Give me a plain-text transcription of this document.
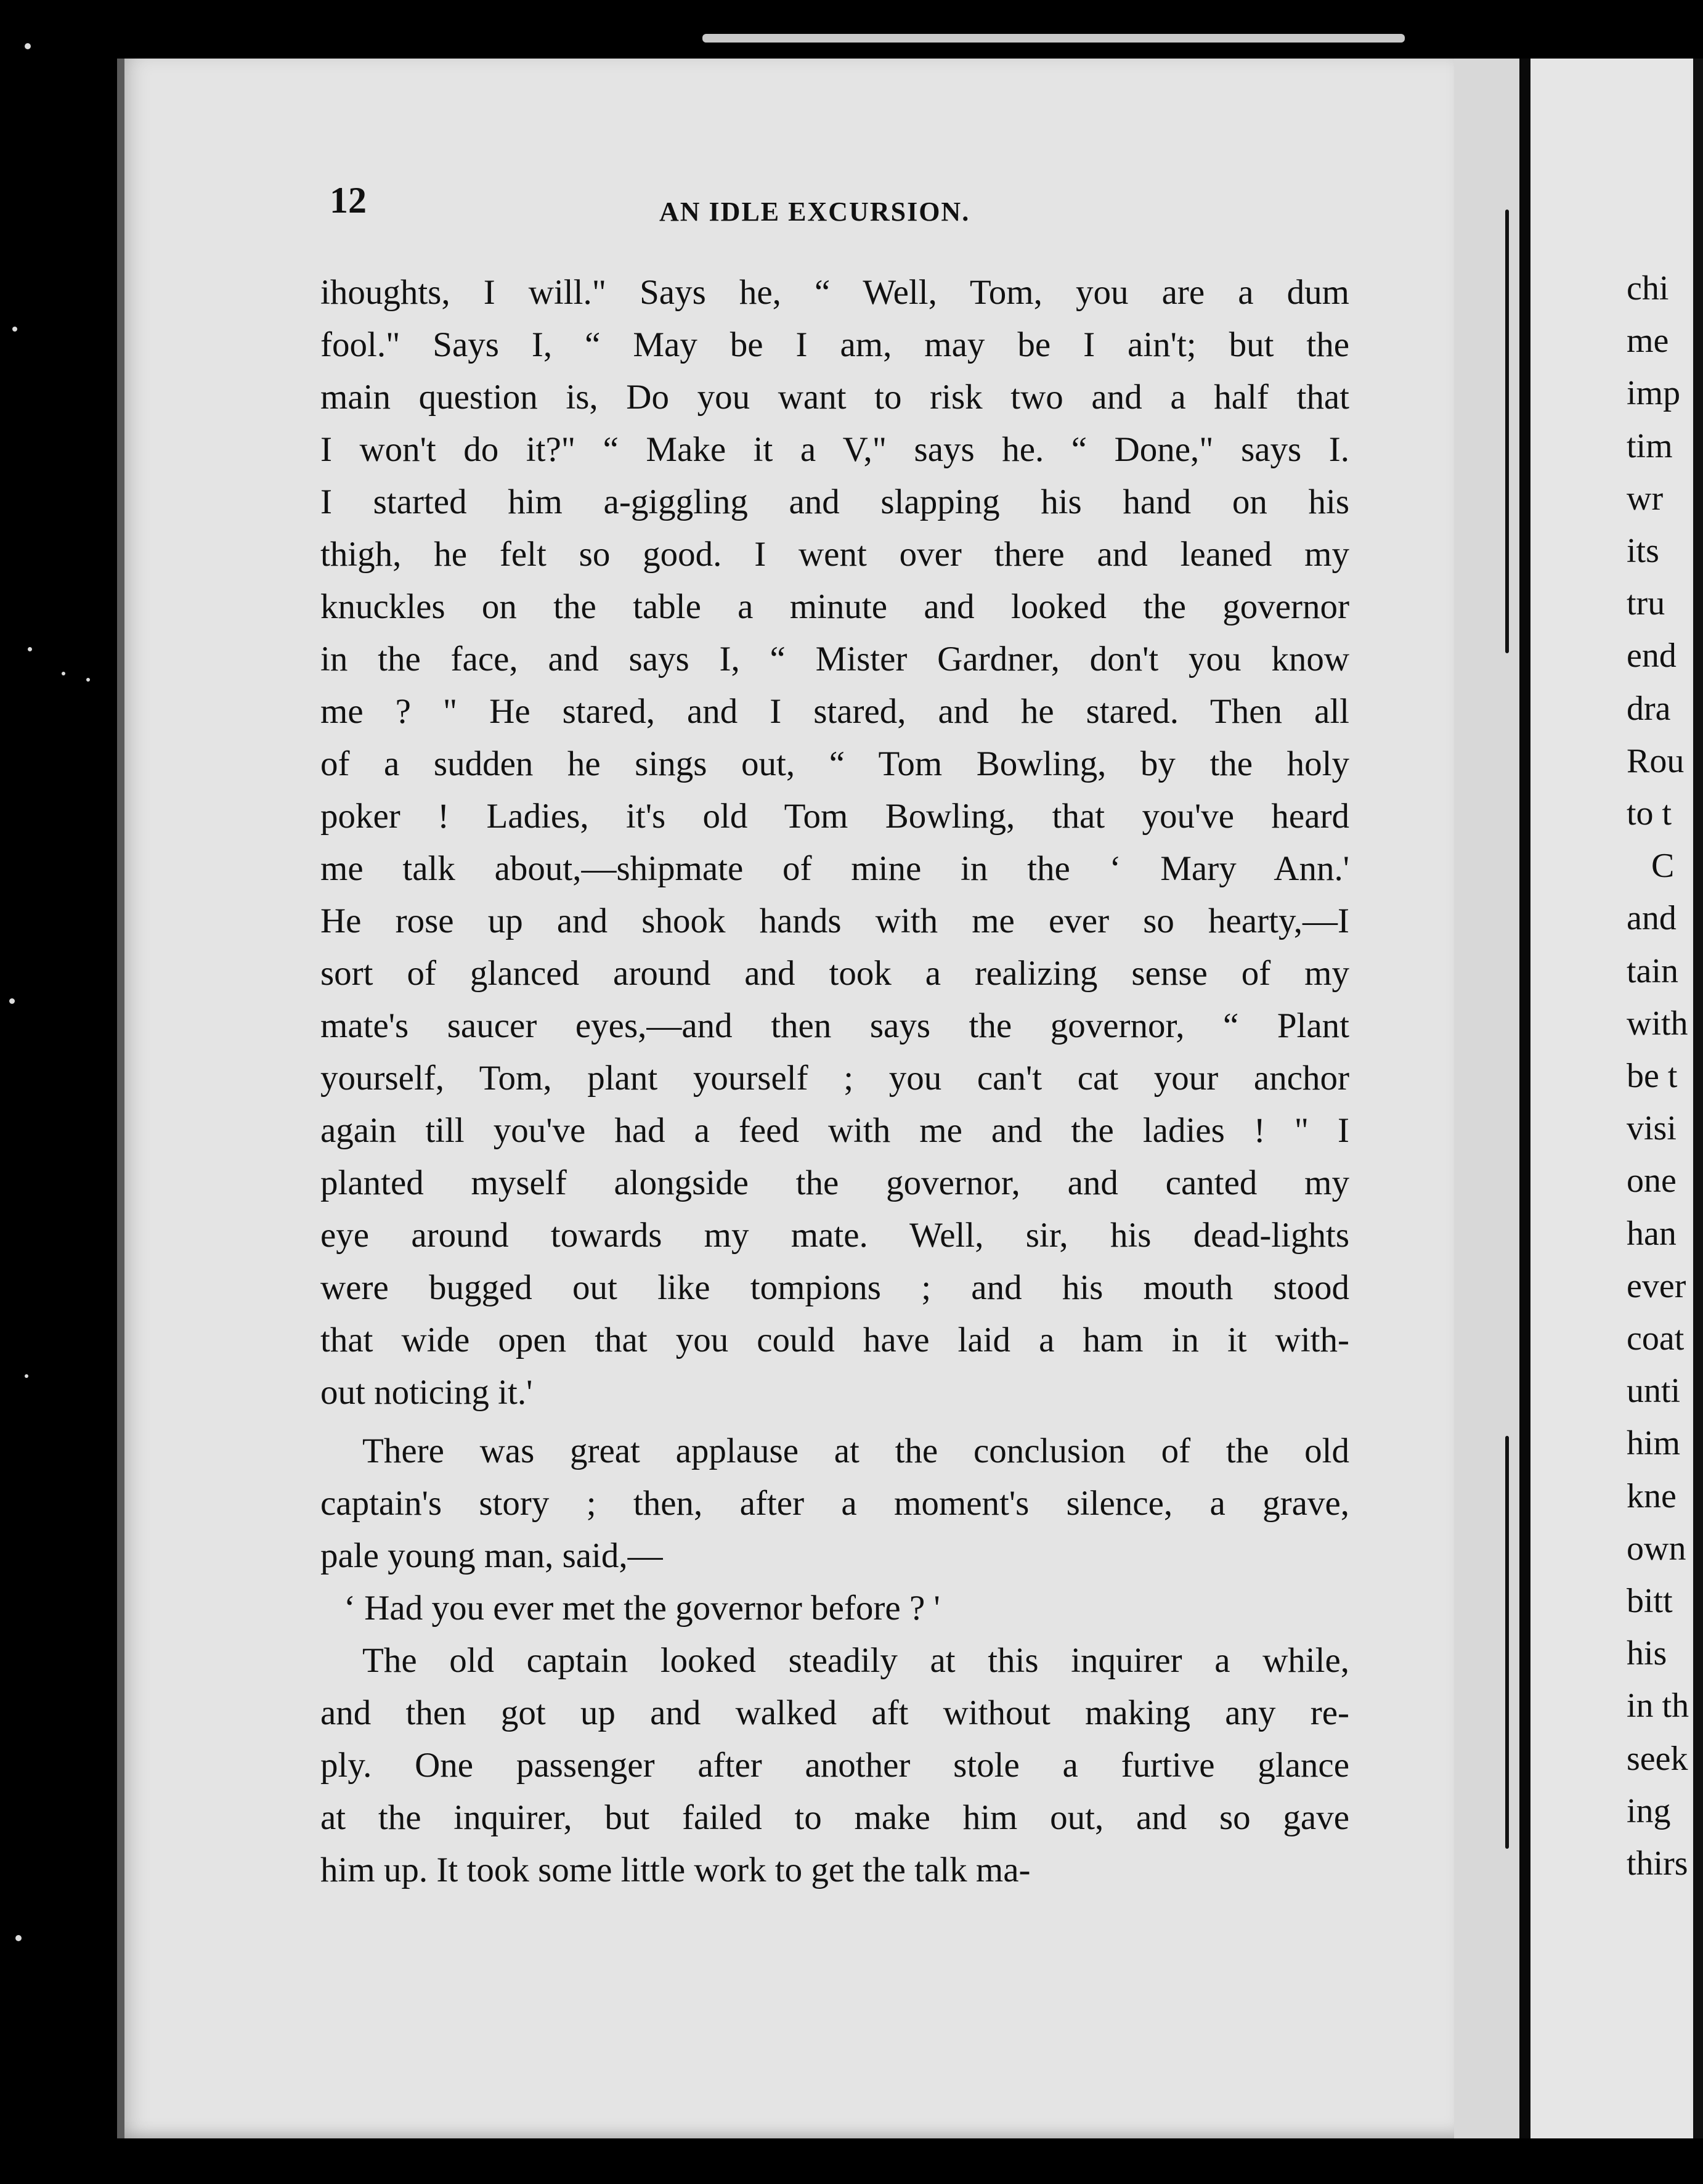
chi
me
imp
tim
wr
its
tru
end
dra
Rou
to t
C
and
tain
with
be t
visi
one
han
ever
coat
unti
him
kne
own
bitt
his
in th
seek
ing
thirs
12	AN IDLE EXCURSION.
ihoughts, I will." Says he, “ Well, Tom, you are a dum
fool." Says I, “ May be I am, may be I ain't; but the
main question is, Do you want to risk two and a half that
I won't do it?" “ Make it a V," says he. “ Done," says I.
I started him a-giggling and slapping his hand on his
thigh, he felt so good. I went over there and leaned my
knuckles on the table a minute and looked the governor
in the face, and says I, “ Mister Gardner, don't you know
me ? " He stared, and I stared, and he stared. Then all
of a sudden he sings out, “ Tom Bowling, by the holy
poker ! Ladies, it's old Tom Bowling, that you've heard
me talk about,—shipmate of mine in the ‘ Mary Ann.'
He rose up and shook hands with me ever so hearty,—I
sort of glanced around and took a realizing sense of my
mate's saucer eyes,—and then says the governor, “ Plant
yourself, Tom, plant yourself ; you can't cat your anchor
again till you've had a feed with me and the ladies ! " I
planted myself alongside the governor, and canted my
eye around towards my mate. Well, sir, his dead-lights
were bugged out like tompions ; and his mouth stood
that wide open that you could have laid a ham in it with-
out noticing it.'
There was great applause at the conclusion of the old
captain's story ; then, after a moment's silence, a grave,
pale young man, said,—
‘ Had you ever met the governor before ? '
The old captain looked steadily at this inquirer a while,
and then got up and walked aft without making any re-
ply. One passenger after another stole a furtive glance
at the inquirer, but failed to make him out, and so gave
him up. It took some little work to get the talk ma-
